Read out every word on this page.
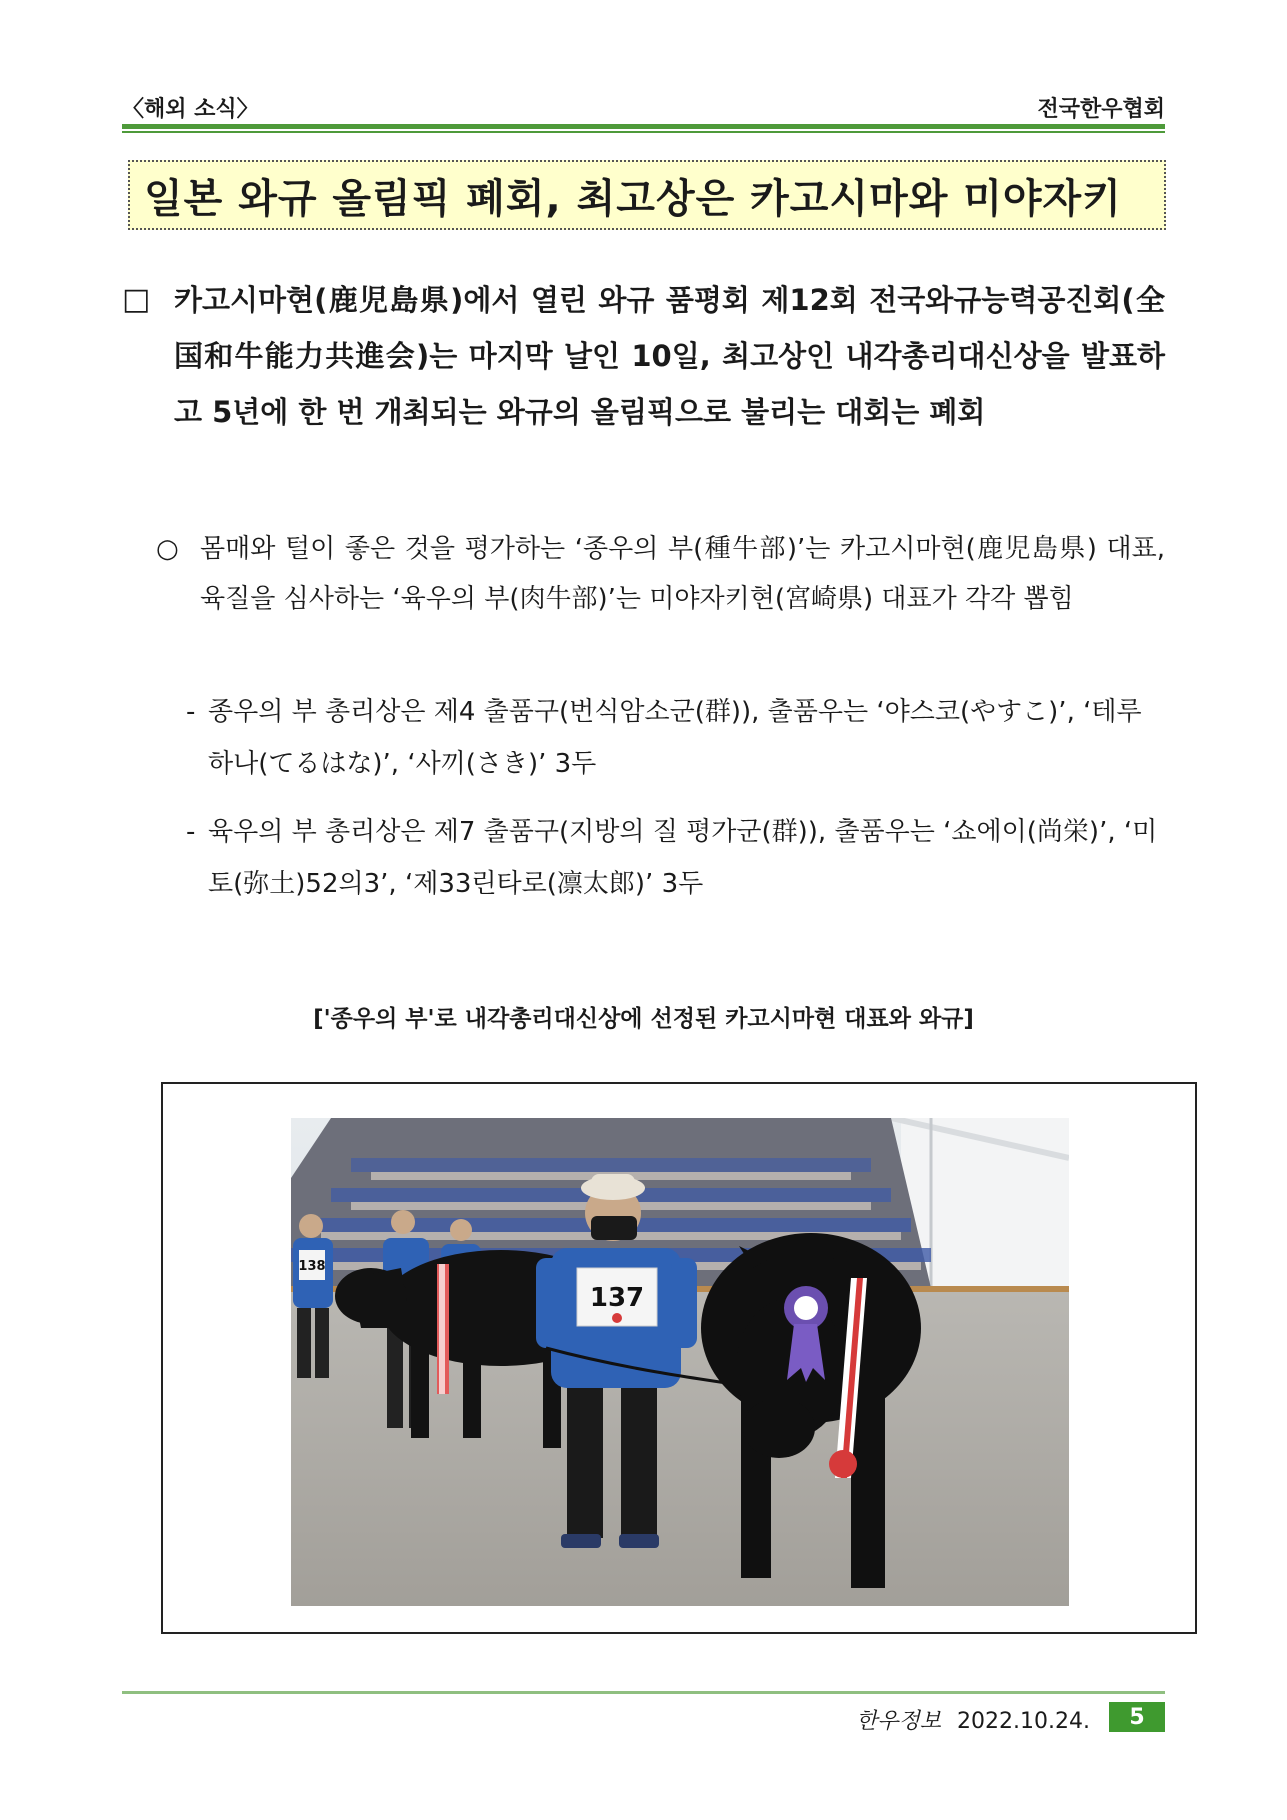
〈해외 소식〉	전국한우협회
일본 와규 올림픽 폐회, 최고상은 카고시마와 미야자키
□ 카고시마현(鹿児島県)에서 열린 와규 품평회 제12회 전국와규능력공진회(全国和牛能力共進会)는 마지막 날인 10일, 최고상인 내각총리대신상을 발표하고 5년에 한 번 개최되는 와규의 올림픽으로 불리는 대회는 폐회
○ 몸매와 털이 좋은 것을 평가하는 ‘종우의 부(種牛部)’는 카고시마현(鹿児島県) 대표, 육질을 심사하는 ‘육우의 부(肉牛部)’는 미야자키현(宮崎県) 대표가 각각 뽑힘
- 종우의 부 총리상은 제4 출품구(번식암소군(群)), 출품우는 ‘야스코(やすこ)’, ‘테루하나(てるはな)’, ‘사끼(さき)’ 3두
- 육우의 부 총리상은 제7 출품구(지방의 질 평가군(群)), 출품우는 ‘쇼에이(尚栄)’, ‘미토(弥土)52의3’, ‘제33린타로(凛太郎)’ 3두
['종우의 부'로 내각총리대신상에 선정된 카고시마현 대표와 와규]
138
137
한우정보 2022.10.24.	5
